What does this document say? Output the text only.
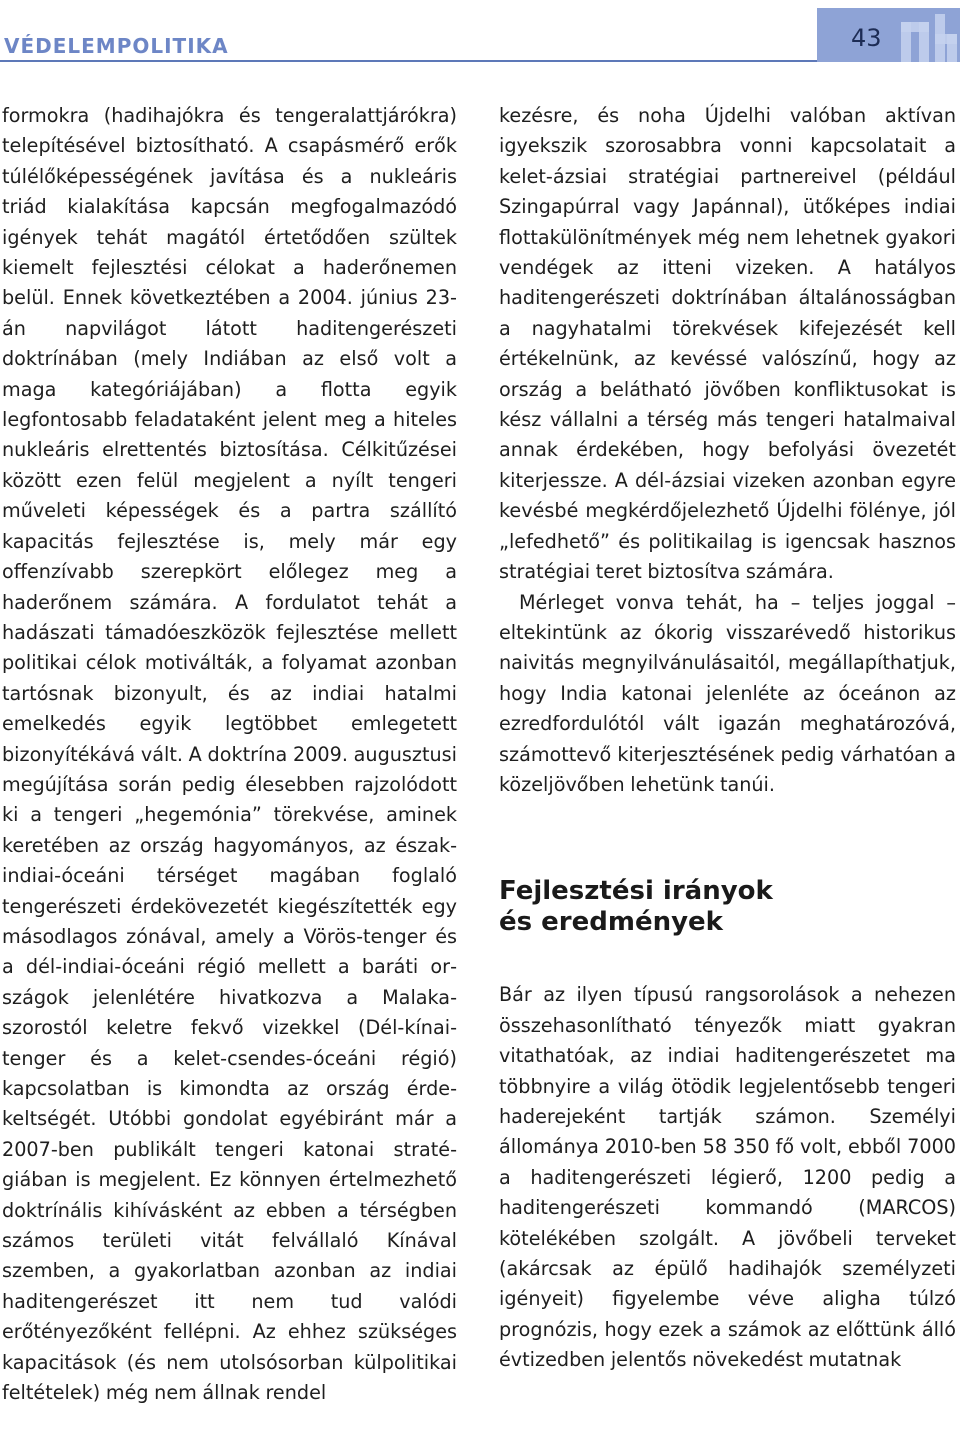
VÉDELEMPOLITIKA	43

formokra (hadihajókra és tengeralattjárókra) telepítésével biztosítható. A csapásmérő erők túlélőképességének javítása és a nukleáris triád kialakítása kapcsán megfogalmazódó igények tehát magától értetődően szültek kiemelt fejlesztési célokat a haderőnemen belül. Ennek következtében a 2004. június 23-án napvilágot látott haditengerészeti doktrínában (mely Indiában az első volt a maga kategóriájában) a flotta egyik legfontosabb feladataként jelent meg a hiteles nukleáris elrettentés biztosítása. Célkitűzései között ezen felül megjelent a nyílt tengeri műveleti képességek és a partra szállító kapacitás fejlesztése is, mely már egy offenzívabb szerepkört előlegez meg a haderőnem számára. A fordulatot tehát a hadászati támadóeszközök fejlesztése mellett politikai célok motiválták, a folyamat azonban tartósnak bizonyult, és az indiai hatalmi emelkedés egyik legtöbbet emlegetett bizonyítékává vált. A doktrína 2009. augusztusi megújítása során pedig élesebben rajzolódott ki a tengeri „hegemónia” törekvése, aminek keretében az ország hagyományos, az észak-indiai-óceáni térséget magában foglaló tengerészeti érdekövezetét kiegészítették egy másodlagos zónával, amely a Vörös-tenger és a dél-indiai-óceáni régió mellett a baráti országok jelenlétére hivatkozva a Malakaszorostól keletre fekvő vizekkel (Dél-kínaitenger és a kelet-csendes-óceáni régió) kapcsolatban is kimondta az ország érdekeltségét. Utóbbi gondolat egyébiránt már a 2007-ben publikált tengeri katonai stratégiában is megjelent. Ez könnyen értelmezhető doktrínális kihívásként az ebben a térségben számos területi vitát felvállaló Kínával szemben, a gyakorlatban azonban az indiai haditengerészet itt nem tud valódi erőtényezőként fellépni. Az ehhez szükséges kapacitások (és nem utolsósorban külpolitikai feltételek) még nem állnak rendel

kezésre, és noha Újdelhi valóban aktívan igyekszik szorosabbra vonni kapcsolatait a kelet-ázsiai stratégiai partnereivel (például Szingapúrral vagy Japánnal), ütőképes indiai flottakülönítmények még nem lehetnek gyakori vendégek az itteni vizeken. A hatályos haditengerészeti doktrínában általánosságban a nagyhatalmi törekvések kifejezését kell értékelnünk, az kevéssé valószínű, hogy az ország a belátható jövőben konfliktusokat is kész vállalni a térség más tengeri hatalmaival annak érdekében, hogy befolyási övezetét kiterjessze. A dél-ázsiai vizeken azonban egyre kevésbé megkérdőjelezhető Újdelhi fölénye, jól „lefedhető” és politikailag is igencsak hasznos stratégiai teret biztosítva számára.

Mérleget vonva tehát, ha – teljes joggal – eltekintünk az ókorig visszarévedő historikus naivitás megnyilvánulásaitól, megállapíthatjuk, hogy India katonai jelenléte az óceánon az ezredfordulótól vált igazán meghatározóvá, számottevő kiterjesztésének pedig várhatóan a közeljövőben lehetünk tanúi.

Fejlesztési irányok
és eredmények

Bár az ilyen típusú rangsorolások a nehezen összehasonlítható tényezők miatt gyakran vitathatóak, az indiai haditengerészetet ma többnyire a világ ötödik legjelentősebb tengeri haderejeként tartják számon. Személyi állománya 2010-ben 58 350 fő volt, ebből 7000 a haditengerészeti légierő, 1200 pedig a haditengerészeti kommandó (MARCOS) kötelékében szolgált. A jövőbeli terveket (akárcsak az épülő hadihajók személyzeti igényeit) figyelembe véve aligha túlzó prognózis, hogy ezek a számok az előttünk álló évtizedben jelentős növekedést mutatnak
